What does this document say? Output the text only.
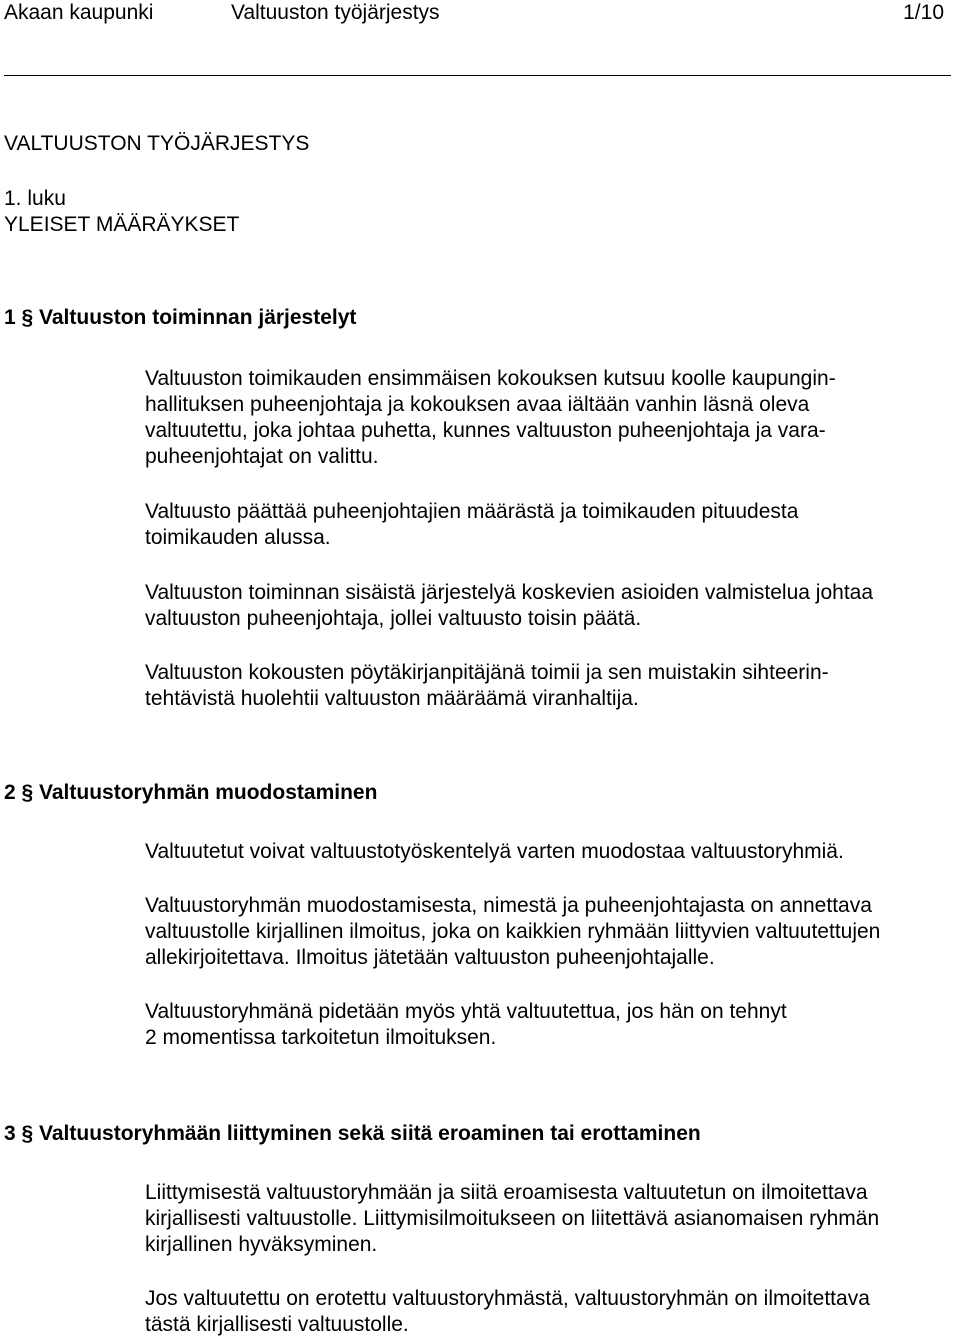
Akaan kaupunki	Valtuuston työjärjestys	1/10
VALTUUSTON TYÖJÄRJESTYS
1. luku
YLEISET MÄÄRÄYKSET
1 § Valtuuston toiminnan järjestelyt
Valtuuston toimikauden ensimmäisen kokouksen kutsuu koolle kaupungin-
hallituksen puheenjohtaja ja kokouksen avaa iältään vanhin läsnä oleva
valtuutettu, joka johtaa puhetta, kunnes valtuuston puheenjohtaja ja vara-
puheenjohtajat on valittu.
Valtuusto päättää puheenjohtajien määrästä ja toimikauden pituudesta
toimikauden alussa.
Valtuuston toiminnan sisäistä järjestelyä koskevien asioiden valmistelua johtaa
valtuuston puheenjohtaja, jollei valtuusto toisin päätä.
Valtuuston kokousten pöytäkirjanpitäjänä toimii ja sen muistakin sihteerin-
tehtävistä huolehtii valtuuston määräämä viranhaltija.
2 § Valtuustoryhmän muodostaminen
Valtuutetut voivat valtuustotyöskentelyä varten muodostaa valtuustoryhmiä.
Valtuustoryhmän muodostamisesta, nimestä ja puheenjohtajasta on annettava
valtuustolle kirjallinen ilmoitus, joka on kaikkien ryhmään liittyvien valtuutettujen
allekirjoitettava. Ilmoitus jätetään valtuuston puheenjohtajalle.
Valtuustoryhmänä pidetään myös yhtä valtuutettua, jos hän on tehnyt
2 momentissa tarkoitetun ilmoituksen.
3 § Valtuustoryhmään liittyminen sekä siitä eroaminen tai erottaminen
Liittymisestä valtuustoryhmään ja siitä eroamisesta valtuutetun on ilmoitettava
kirjallisesti valtuustolle. Liittymisilmoitukseen on liitettävä asianomaisen ryhmän
kirjallinen hyväksyminen.
Jos valtuutettu on erotettu valtuustoryhmästä, valtuustoryhmän on ilmoitettava
tästä kirjallisesti valtuustolle.
